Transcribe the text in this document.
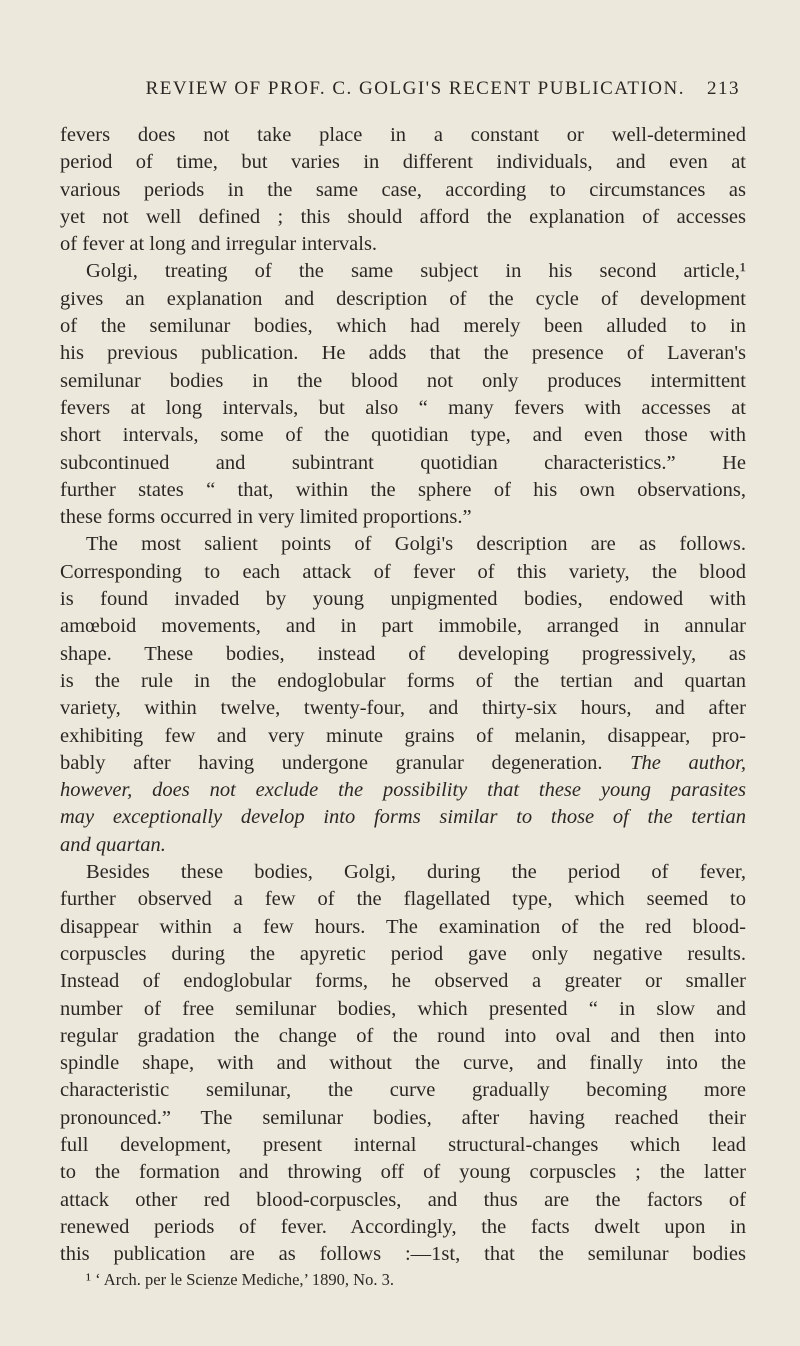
REVIEW OF PROF. C. GOLGI'S RECENT PUBLICATION. 213
fevers does not take place in a constant or well-determined
period of time, but varies in different individuals, and even at
various periods in the same case, according to circumstances as
yet not well defined ; this should afford the explanation of accesses
of fever at long and irregular intervals.
Golgi, treating of the same subject in his second article,¹
gives an explanation and description of the cycle of development
of the semilunar bodies, which had merely been alluded to in
his previous publication. He adds that the presence of Laveran's
semilunar bodies in the blood not only produces intermittent
fevers at long intervals, but also “ many fevers with accesses at
short intervals, some of the quotidian type, and even those with
subcontinued and subintrant quotidian characteristics.” He
further states “ that, within the sphere of his own observations,
these forms occurred in very limited proportions.”
The most salient points of Golgi's description are as follows.
Corresponding to each attack of fever of this variety, the blood
is found invaded by young unpigmented bodies, endowed with
amœboid movements, and in part immobile, arranged in annular
shape. These bodies, instead of developing progressively, as
is the rule in the endoglobular forms of the tertian and quartan
variety, within twelve, twenty-four, and thirty-six hours, and after
exhibiting few and very minute grains of melanin, disappear, pro-
bably after having undergone granular degeneration. The author,
however, does not exclude the possibility that these young parasites
may exceptionally develop into forms similar to those of the tertian
and quartan.
Besides these bodies, Golgi, during the period of fever,
further observed a few of the flagellated type, which seemed to
disappear within a few hours. The examination of the red blood-
corpuscles during the apyretic period gave only negative results.
Instead of endoglobular forms, he observed a greater or smaller
number of free semilunar bodies, which presented “ in slow and
regular gradation the change of the round into oval and then into
spindle shape, with and without the curve, and finally into the
characteristic semilunar, the curve gradually becoming more
pronounced.” The semilunar bodies, after having reached their
full development, present internal structural-changes which lead
to the formation and throwing off of young corpuscles ; the latter
attack other red blood-corpuscles, and thus are the factors of
renewed periods of fever. Accordingly, the facts dwelt upon in
this publication are as follows :—1st, that the semilunar bodies
¹ ‘ Arch. per le Scienze Mediche,’ 1890, No. 3.
